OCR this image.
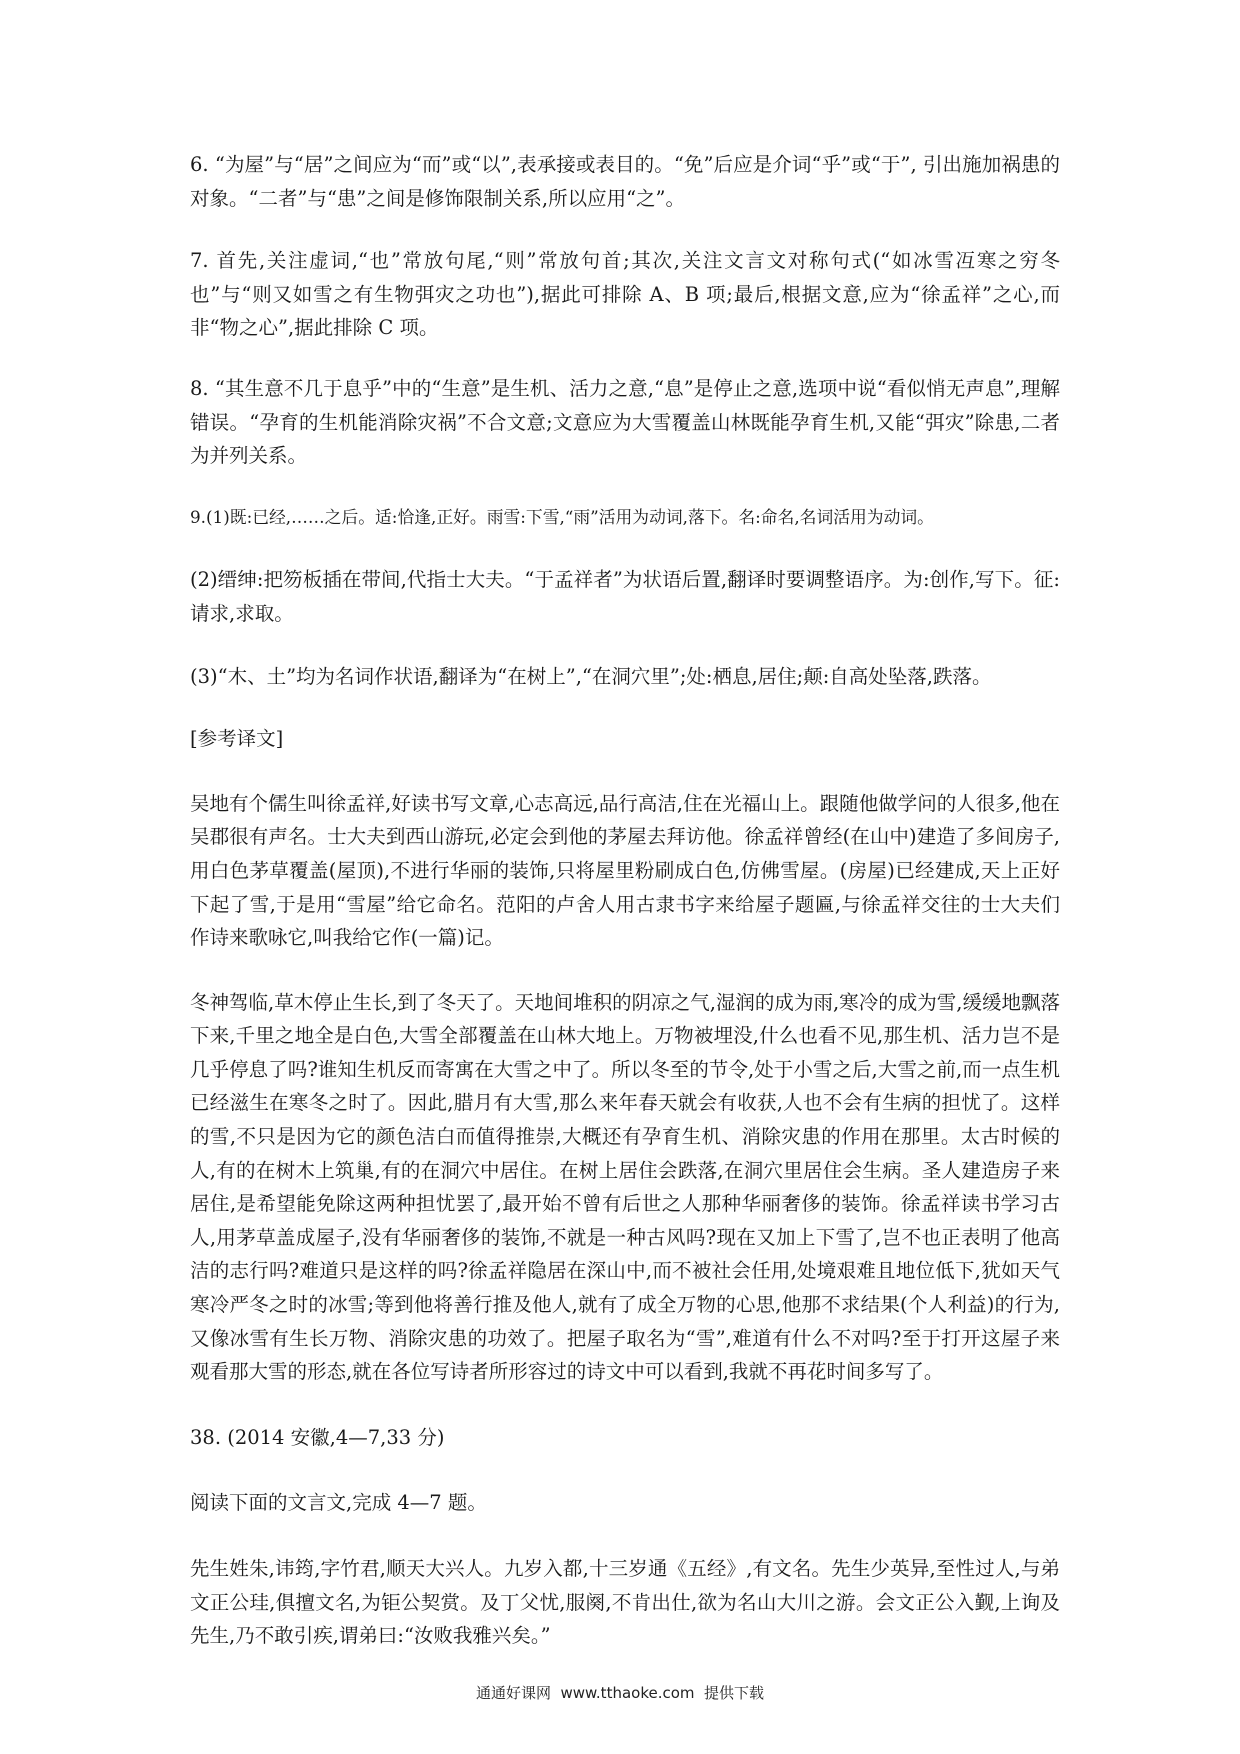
6. “为屋”与“居”之间应为“而”或“以”,表承接或表目的。“免”后应是介词“乎”或“于”, 引出施加祸患的对象。“二者”与“患”之间是修饰限制关系,所以应用“之”。

7. 首先,关注虚词,“也”常放句尾,“则”常放句首;其次,关注文言文对称句式(“如冰雪冱寒之穷冬也”与“则又如雪之有生物弭灾之功也”),据此可排除 A、B 项;最后,根据文意,应为“徐孟祥”之心,而非“物之心”,据此排除 C 项。

8. “其生意不几于息乎”中的“生意”是生机、活力之意,“息”是停止之意,选项中说“看似悄无声息”,理解错误。“孕育的生机能消除灾祸”不合文意;文意应为大雪覆盖山林既能孕育生机,又能“弭灾”除患,二者为并列关系。

9.(1)既:已经,……之后。适:恰逢,正好。雨雪:下雪,“雨”活用为动词,落下。名:命名,名词活用为动词。

(2)缙绅:把笏板插在带间,代指士大夫。“于孟祥者”为状语后置,翻译时要调整语序。为:创作,写下。征:请求,求取。

(3)“木、土”均为名词作状语,翻译为“在树上”,“在洞穴里”;处:栖息,居住;颠:自高处坠落,跌落。

[参考译文]

吴地有个儒生叫徐孟祥,好读书写文章,心志高远,品行高洁,住在光福山上。跟随他做学问的人很多,他在吴郡很有声名。士大夫到西山游玩,必定会到他的茅屋去拜访他。徐孟祥曾经(在山中)建造了多间房子,用白色茅草覆盖(屋顶),不进行华丽的装饰,只将屋里粉刷成白色,仿佛雪屋。(房屋)已经建成,天上正好下起了雪,于是用“雪屋”给它命名。范阳的卢舍人用古隶书字来给屋子题匾,与徐孟祥交往的士大夫们作诗来歌咏它,叫我给它作(一篇)记。

冬神驾临,草木停止生长,到了冬天了。天地间堆积的阴凉之气,湿润的成为雨,寒冷的成为雪,缓缓地飘落下来,千里之地全是白色,大雪全部覆盖在山林大地上。万物被埋没,什么也看不见,那生机、活力岂不是几乎停息了吗?谁知生机反而寄寓在大雪之中了。所以冬至的节令,处于小雪之后,大雪之前,而一点生机已经滋生在寒冬之时了。因此,腊月有大雪,那么来年春天就会有收获,人也不会有生病的担忧了。这样的雪,不只是因为它的颜色洁白而值得推崇,大概还有孕育生机、消除灾患的作用在那里。太古时候的人,有的在树木上筑巢,有的在洞穴中居住。在树上居住会跌落,在洞穴里居住会生病。圣人建造房子来居住,是希望能免除这两种担忧罢了,最开始不曾有后世之人那种华丽奢侈的装饰。徐孟祥读书学习古人,用茅草盖成屋子,没有华丽奢侈的装饰,不就是一种古风吗?现在又加上下雪了,岂不也正表明了他高洁的志行吗?难道只是这样的吗?徐孟祥隐居在深山中,而不被社会任用,处境艰难且地位低下,犹如天气寒冷严冬之时的冰雪;等到他将善行推及他人,就有了成全万物的心思,他那不求结果(个人利益)的行为,又像冰雪有生长万物、消除灾患的功效了。把屋子取名为“雪”,难道有什么不对吗?至于打开这屋子来观看那大雪的形态,就在各位写诗者所形容过的诗文中可以看到,我就不再花时间多写了。

38. (2014 安徽,4—7,33 分)

阅读下面的文言文,完成 4—7 题。

先生姓朱,讳筠,字竹君,顺天大兴人。九岁入都,十三岁通《五经》,有文名。先生少英异,至性过人,与弟文正公珪,俱擅文名,为钜公契赏。及丁父忧,服阕,不肯出仕,欲为名山大川之游。会文正公入觐,上询及先生,乃不敢引疾,谓弟曰:“汝败我雅兴矣。”

通通好课网  www.tthaoke.com  提供下载
